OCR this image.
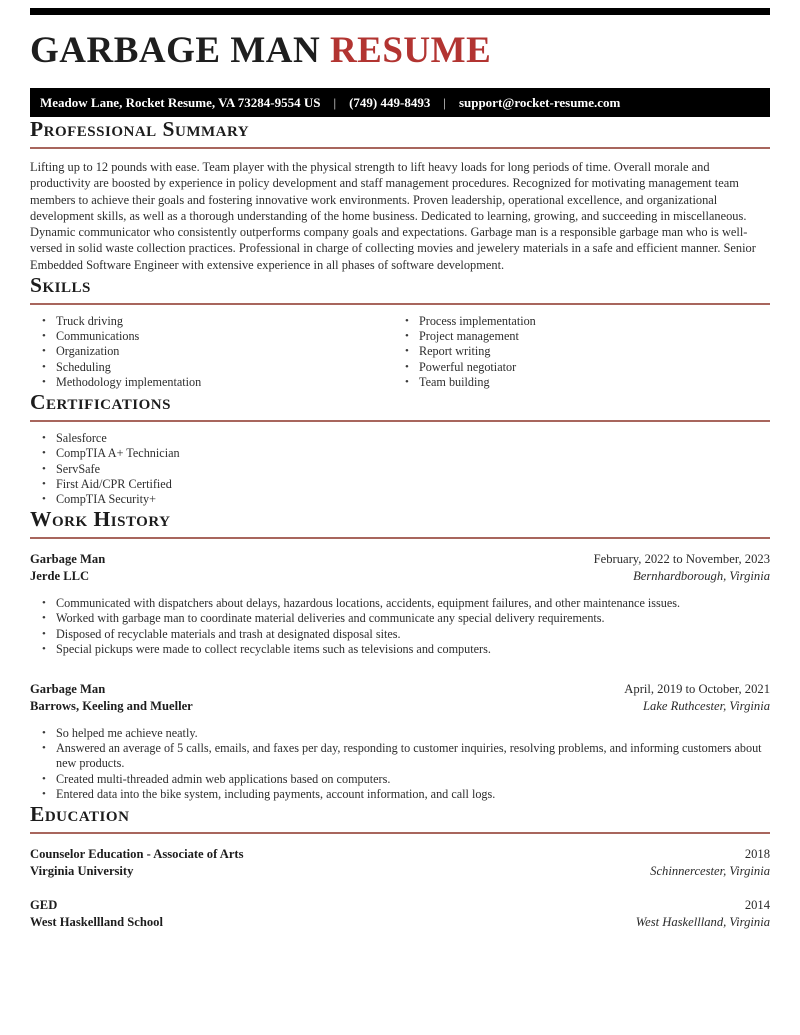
GARBAGE MAN RESUME
Meadow Lane, Rocket Resume, VA 73284-9554 US | (749) 449-8493 | support@rocket-resume.com
Professional Summary

Lifting up to 12 pounds with ease. Team player with the physical strength to lift heavy loads for long periods of time. Overall morale and productivity are boosted by experience in policy development and staff management procedures. Recognized for motivating management team members to achieve their goals and fostering innovative work environments. Proven leadership, operational excellence, and organizational development skills, as well as a thorough understanding of the home business. Dedicated to learning, growing, and succeeding in miscellaneous. Dynamic communicator who consistently outperforms company goals and expectations. Garbage man is a responsible garbage man who is well-versed in solid waste collection practices. Professional in charge of collecting movies and jewelery materials in a safe and efficient manner. Senior Embedded Software Engineer with extensive experience in all phases of software development.

Skills
• Truck driving
• Communications
• Organization
• Scheduling
• Methodology implementation
• Process implementation
• Project management
• Report writing
• Powerful negotiator
• Team building
Certifications
• Salesforce
• CompTIA A+ Technician
• ServSafe
• First Aid/CPR Certified
• CompTIA Security+
Work History
Garbage Man	February, 2022 to November, 2023
Jerde LLC	Bernhardborough, Virginia
• Communicated with dispatchers about delays, hazardous locations, accidents, equipment failures, and other maintenance issues.
• Worked with garbage man to coordinate material deliveries and communicate any special delivery requirements.
• Disposed of recyclable materials and trash at designated disposal sites.
• Special pickups were made to collect recyclable items such as televisions and computers.
Garbage Man	April, 2019 to October, 2021
Barrows, Keeling and Mueller	Lake Ruthcester, Virginia
• So helped me achieve neatly.
• Answered an average of 5 calls, emails, and faxes per day, responding to customer inquiries, resolving problems, and informing customers about new products.
• Created multi-threaded admin web applications based on computers.
• Entered data into the bike system, including payments, account information, and call logs.
Education
Counselor Education - Associate of Arts	2018
Virginia University	Schinnercester, Virginia
GED	2014
West Haskellland School	West Haskellland, Virginia
